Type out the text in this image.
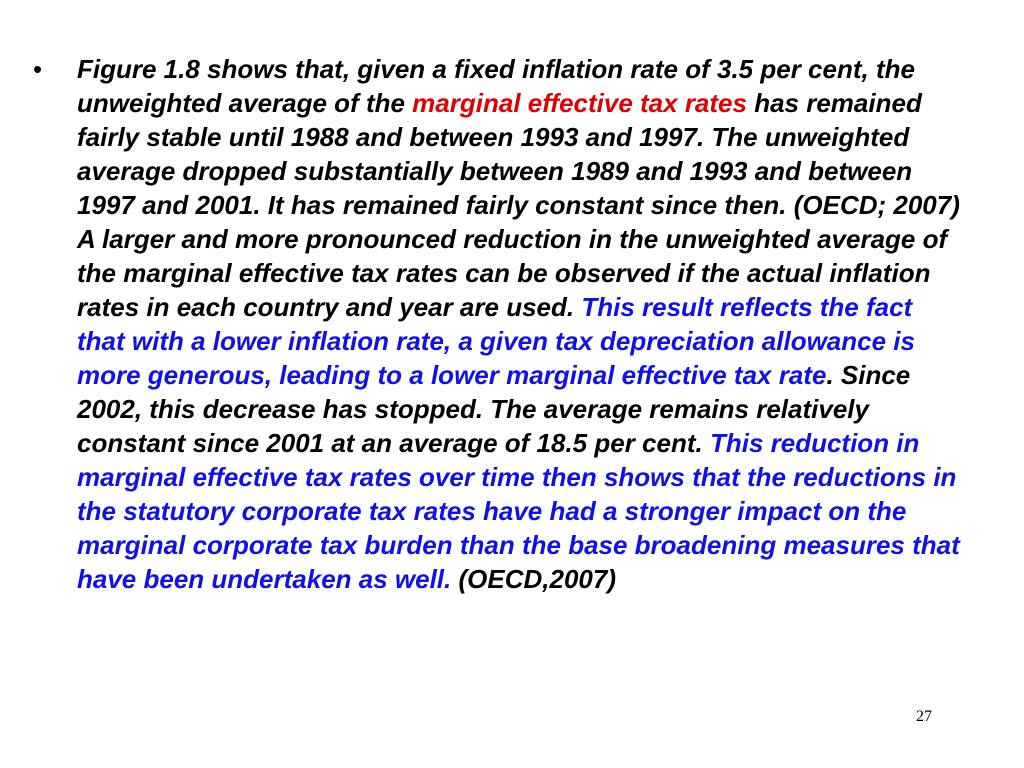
•	Figure 1.8 shows that, given a fixed inflation rate of 3.5 per cent, the unweighted average of the marginal effective tax rates has remained fairly stable until 1988 and between 1993 and 1997. The unweighted average dropped substantially between 1989 and 1993 and between 1997 and 2001. It has remained fairly constant since then. (OECD; 2007) A larger and more pronounced reduction in the unweighted average of the marginal effective tax rates can be observed if the actual inflation rates in each country and year are used. This result reflects the fact that with a lower inflation rate, a given tax depreciation allowance is more generous, leading to a lower marginal effective tax rate. Since 2002, this decrease has stopped. The average remains relatively constant since 2001 at an average of 18.5 per cent. This reduction in marginal effective tax rates over time then shows that the reductions in the statutory corporate tax rates have had a stronger impact on the marginal corporate tax burden than the base broadening measures that have been undertaken as well. (OECD,2007)

27
